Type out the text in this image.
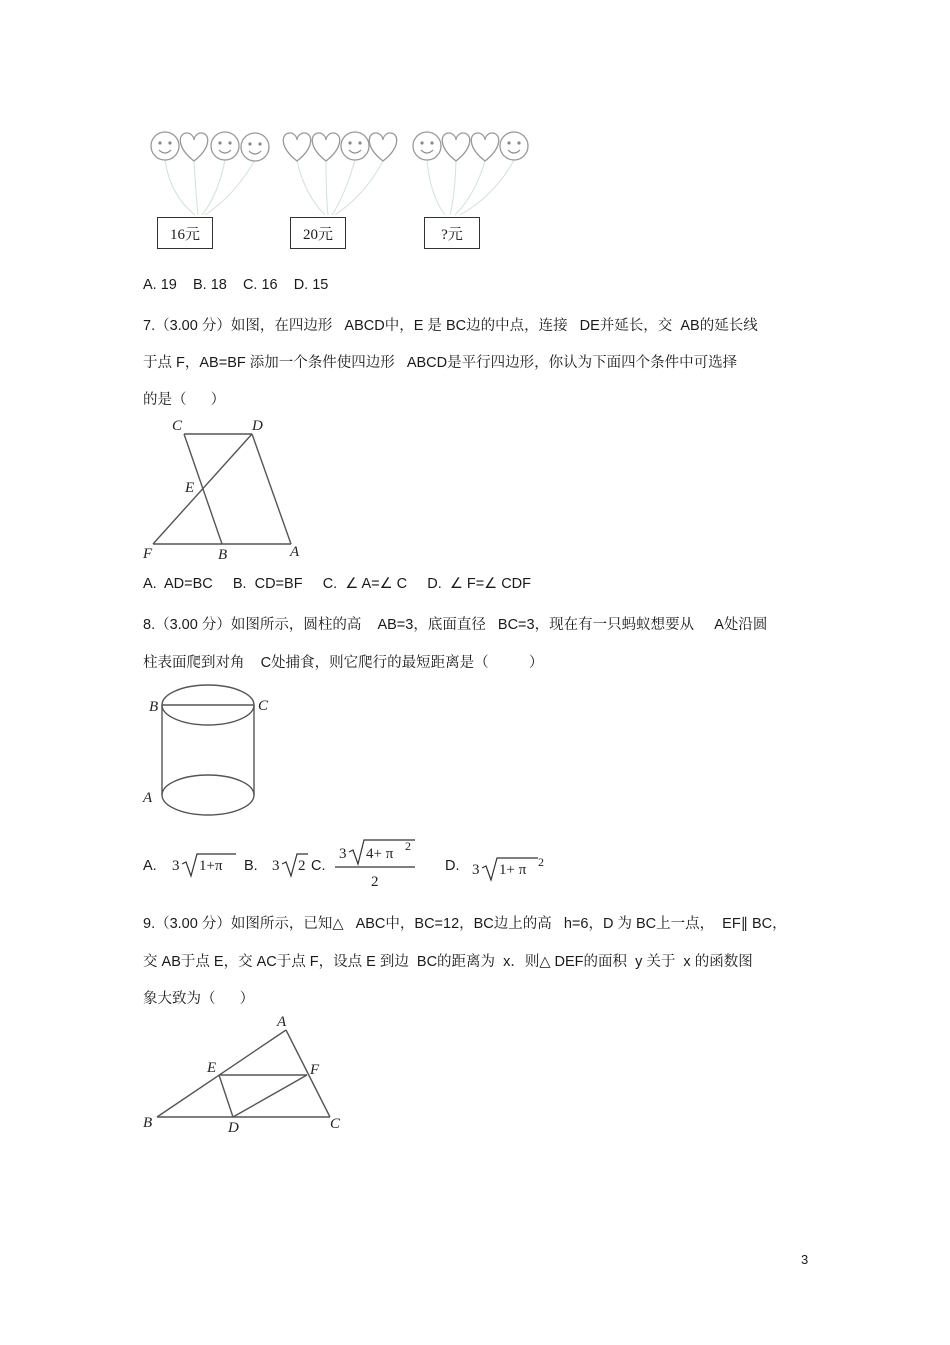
16元	20元	?元
A. 19    B. 18    C. 16    D. 15
7.（3.00 分）如图，在四边形   ABCD中，E 是 BC边的中点，连接   DE并延长，交  AB的延长线
于点 F，AB=BF 添加一个条件使四边形   ABCD是平行四边形，你认为下面四个条件中可选择
的是（      ）
C	D
E
F	B	A
A.  AD=BC     B.  CD=BF     C.  ∠ A=∠ C     D.  ∠ F=∠ CDF
8.（3.00 分）如图所示，圆柱的高    AB=3，底面直径   BC=3，现在有一只蚂蚁想要从     A处沿圆
柱表面爬到对角    C处捕食，则它爬行的最短距离是（          ）
B	C
A
A. 3 1+π B. 3 2 C.
3 4+ π 2
2
D. 3 1+ π 2
9.（3.00 分）如图所示，已知△   ABC中，BC=12，BC边上的高   h=6，D 为 BC上一点，  EF∥ BC，
交 AB于点 E，交 AC于点 F，设点 E 到边  BC的距离为  x．则△ DEF的面积  y 关于  x 的函数图
象大致为（      ）
A
E	F
B	D	C
3
